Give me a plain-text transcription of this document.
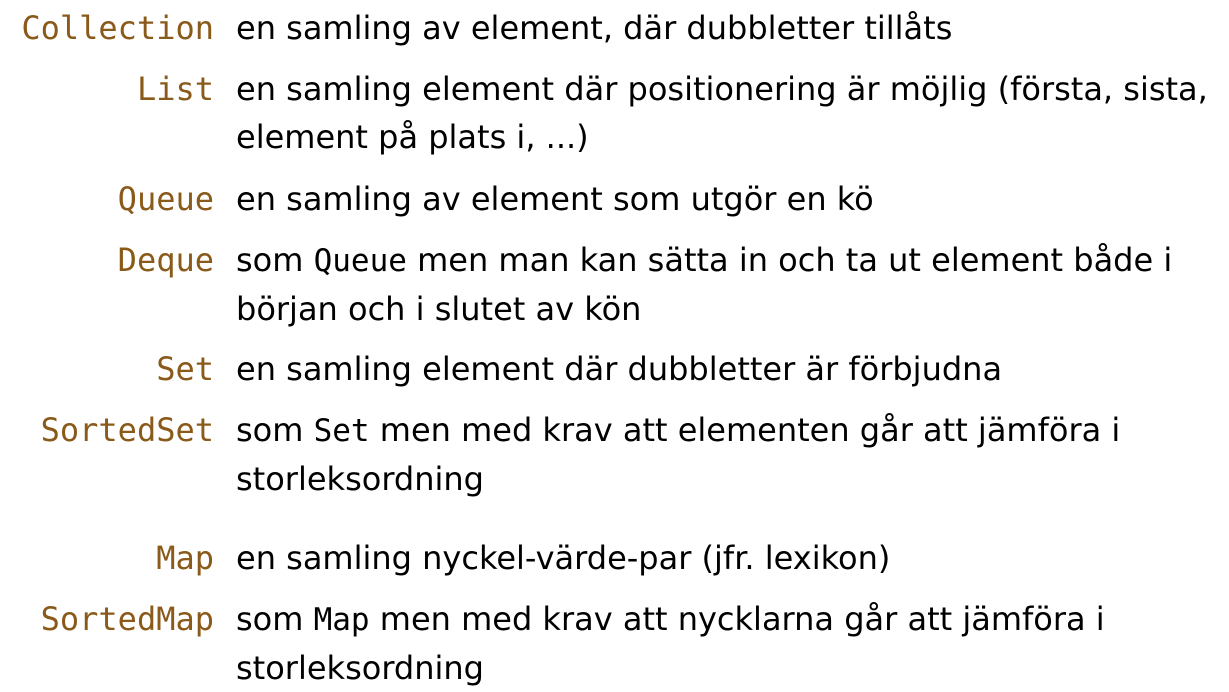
Collection en samling av element, där dubbletter tillåts
List en samling element där positionering är möjlig (första, sista,
element på plats i, ...)
Queue en samling av element som utgör en kö
Deque som Queue men man kan sätta in och ta ut element både i
början och i slutet av kön
Set en samling element där dubbletter är förbjudna
SortedSet som Set men med krav att elementen går att jämföra i
storleksordning
Map en samling nyckel-värde-par (jfr. lexikon)
SortedMap som Map men med krav att nycklarna går att jämföra i
storleksordning
